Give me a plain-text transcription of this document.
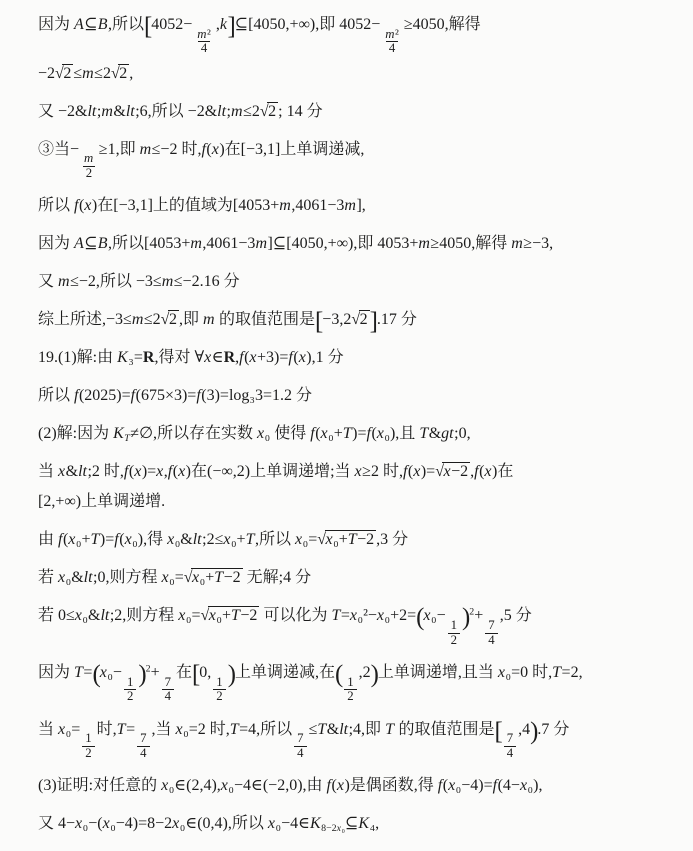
因为 A⊆B,所以[4052−
$\frac{\text{m²}}{4}$
,k]⊆[4050,+∞),即 4052−
$\frac{\text{m²}}{4}$
≥4050,解得
−2√2 ≤m≤2√2 ,
又 −2&lt;m&lt;6,所以 −2&lt;m≤2√2 ; 14 分
③当−
$\frac{m}{2}$
≥1,即 m≤−2 时,f(x)在[−3,1]上单调递减,
所以 f(x)在[−3,1]上的值域为[4053+m,4061−3m],
因为 A⊆B,所以[4053+m,4061−3m]⊆[4050,+∞),即 4053+m≥4050,解得 m≥−3,
又 m≤−2,所以 −3≤m≤−2.16 分
综上所述,−3≤m≤2√2 ,即 m 的取值范围是[−3,2√2].17 分
19.(1)解:由 K₃=R,得对 ∀x∈R,f(x+3)=f(x),1 分
所以 f(2025)=f(675×3)=f(3)=log₃3=1.2 分
(2)解:因为 $K_T\ne\emptyset$,所以存在实数 x₀ 使得 f(x₀+T)=f(x₀),且 T&gt;0,
当 x&lt;2 时,f(x)=x,f(x)在(−∞,2)上单调递增;当 x≥2 时,f(x)=√x−2 ,f(x)在
[2,+∞)上单调递增.
由 f(x₀+T)=f(x₀),得 x₀&lt;2≤x₀+T,所以 x₀=√x₀+T−2 ,3 分
若 x₀&lt;0,则方程 x₀=√x₀+T−2 无解;4 分
若 0≤x₀&lt;2,则方程 x₀=√x₀+T−2 可以化为 T=x₀²−x₀+2=(x₀−
$\frac{1}{2}$
)$^2$+
$\frac{7}{4}$
,5 分
因为 T=(x₀−
$\frac{1}{2}$
)$^2$+
$\frac{7}{4}$
在[0,
$\frac{1}{2}$
)上单调递减,在(
$\frac{1}{2}$
,2)上单调递增,且当 x₀=0 时,T=2,
当 x₀=
$\frac{1}{2}$
时,T=
$\frac{7}{4}$
,当 x₀=2 时,T=4,所以
$\frac{7}{4}$
≤T&lt;4,即 T 的取值范围是[
$\frac{7}{4}$
,4).7 分
(3)证明:对任意的 x₀∈(2,4),x₀−4∈(−2,0),由 f(x)是偶函数,得 f(x₀−4)=f(4−x₀),
又 4−x₀−(x₀−4)=8−2x₀∈(0,4),所以 $x_0-4\in K_{8-2x_0}⊆K_4$,
